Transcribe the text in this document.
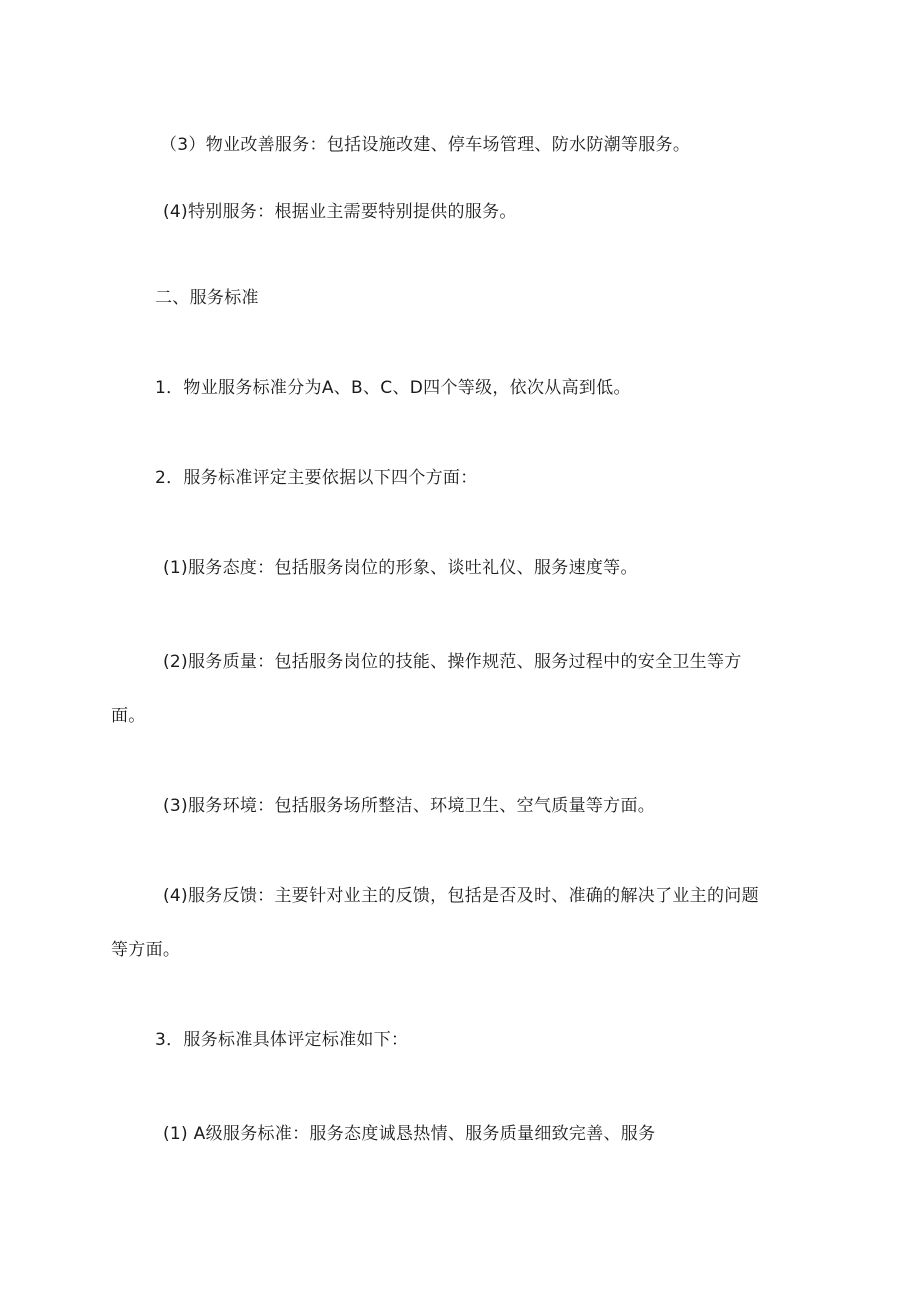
（3）物业改善服务：包括设施改建、停车场管理、防水防潮等服务。
(4)特别服务：根据业主需要特别提供的服务。
二、服务标准
1．物业服务标准分为A、B、C、D四个等级，依次从高到低。
2．服务标准评定主要依据以下四个方面：
(1)服务态度：包括服务岗位的形象、谈吐礼仪、服务速度等。
(2)服务质量：包括服务岗位的技能、操作规范、服务过程中的安全卫生等方
面。
(3)服务环境：包括服务场所整洁、环境卫生、空气质量等方面。
(4)服务反馈：主要针对业主的反馈，包括是否及时、准确的解决了业主的问题
等方面。
3．服务标准具体评定标准如下：
(1) A级服务标准：服务态度诚恳热情、服务质量细致完善、服务
